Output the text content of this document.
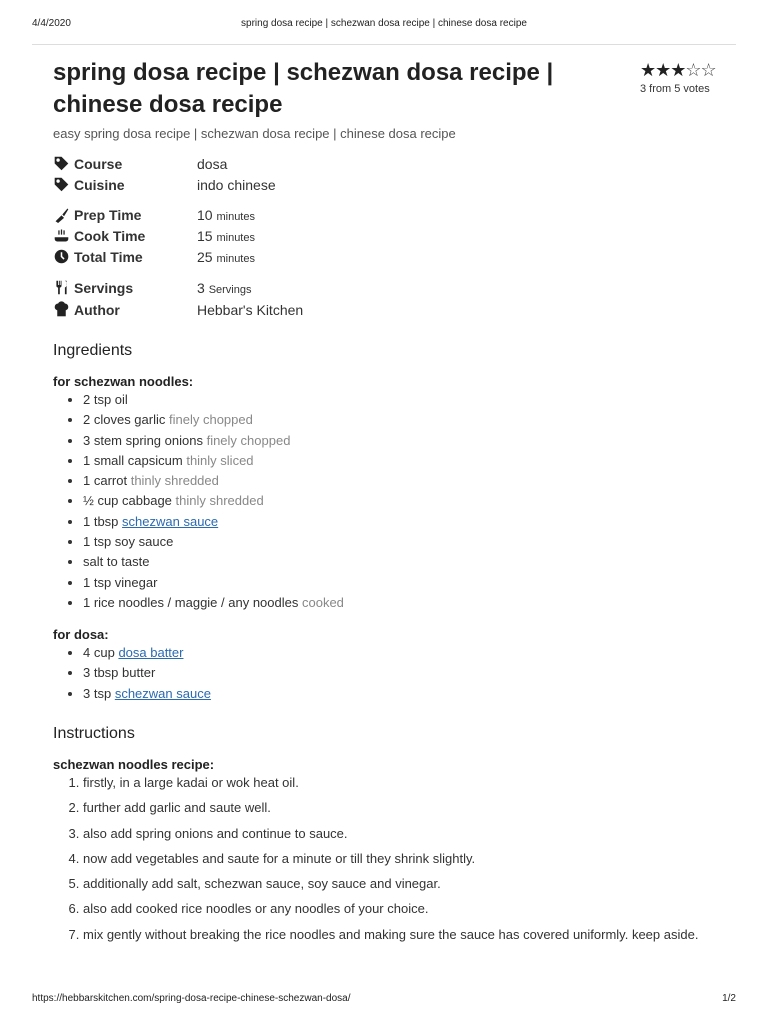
4/4/2020	spring dosa recipe | schezwan dosa recipe | chinese dosa recipe
spring dosa recipe | schezwan dosa recipe | chinese dosa recipe
★★★☆☆
3 from 5 votes
easy spring dosa recipe | schezwan dosa recipe | chinese dosa recipe
Course	dosa
Cuisine	indo chinese
Prep Time	10 minutes
Cook Time	15 minutes
Total Time	25 minutes
Servings	3 Servings
Author	Hebbar's Kitchen
Ingredients
for schezwan noodles:
• 2 tsp oil
• 2 cloves garlic finely chopped
• 3 stem spring onions finely chopped
• 1 small capsicum thinly sliced
• 1 carrot thinly shredded
• ½ cup cabbage thinly shredded
• 1 tbsp schezwan sauce
• 1 tsp soy sauce
• salt to taste
• 1 tsp vinegar
• 1 rice noodles / maggie / any noodles cooked
for dosa:
• 4 cup dosa batter
• 3 tbsp butter
• 3 tsp schezwan sauce
Instructions
schezwan noodles recipe:
1. firstly, in a large kadai or wok heat oil.
2. further add garlic and saute well.
3. also add spring onions and continue to sauce.
4. now add vegetables and saute for a minute or till they shrink slightly.
5. additionally add salt, schezwan sauce, soy sauce and vinegar.
6. also add cooked rice noodles or any noodles of your choice.
7. mix gently without breaking the rice noodles and making sure the sauce has covered uniformly. keep aside.
https://hebbarskitchen.com/spring-dosa-recipe-chinese-schezwan-dosa/	1/2
